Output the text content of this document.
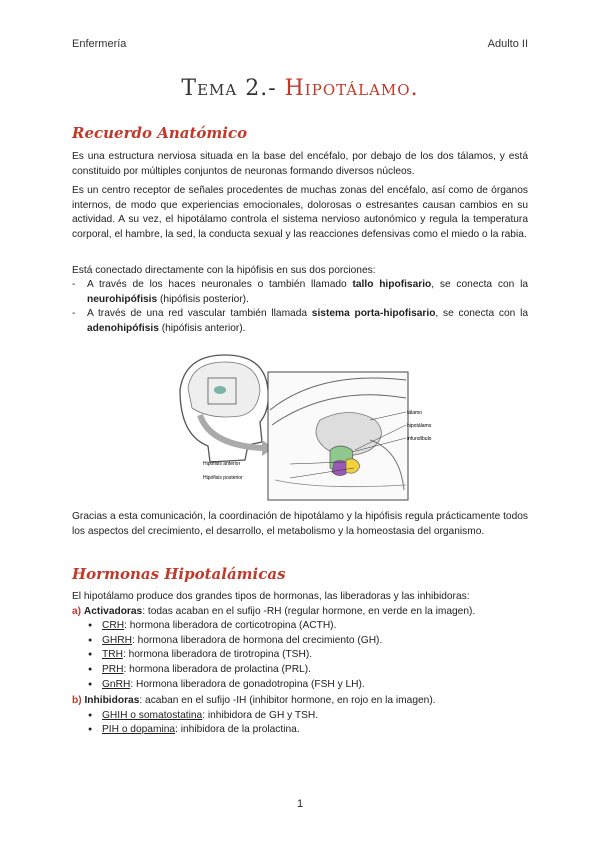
Enfermería	Adulto II
Tema 2.- Hipotálamo.
Recuerdo Anatómico
Es una estructura nerviosa situada en la base del encéfalo, por debajo de los dos tálamos, y está constituido por múltiples conjuntos de neuronas formando diversos núcleos.
Es un centro receptor de señales procedentes de muchas zonas del encéfalo, así como de órganos internos, de modo que experiencias emocionales, dolorosas o estresantes causan cambios en su actividad. A su vez, el hipotálamo controla el sistema nervioso autonómico y regula la temperatura corporal, el hambre, la sed, la conducta sexual y las reacciones defensivas como el miedo o la rabia.
Está conectado directamente con la hipófisis en sus dos porciones:
- A través de los haces neuronales o también llamado tallo hipofisario, se conecta con la neurohipófisis (hipófisis posterior).
- A través de una red vascular también llamada sistema porta-hipofisario, se conecta con la adenohipófisis (hipófisis anterior).
tálamo
hipotálamo
infundíbulo
Hipófisis anterior
Hipófisis posterior
Gracias a esta comunicación, la coordinación de hipotálamo y la hipófisis regula prácticamente todos los aspectos del crecimiento, el desarrollo, el metabolismo y la homeostasia del organismo.
Hormonas Hipotalámicas
El hipotálamo produce dos grandes tipos de hormonas, las liberadoras y las inhibidoras:
a) Activadoras: todas acaban en el sufijo -RH (regular hormone, en verde en la imagen).
● CRH: hormona liberadora de corticotropina (ACTH).
● GHRH: hormona liberadora de hormona del crecimiento (GH).
● TRH: hormona liberadora de tirotropina (TSH).
● PRH: hormona liberadora de prolactina (PRL).
● GnRH: Hormona liberadora de gonadotropina (FSH y LH).
b) Inhibidoras: acaban en el sufijo -IH (inhibitor hormone, en rojo en la imagen).
● GHIH o somatostatina: inhibidora de GH y TSH.
● PIH o dopamina: inhibidora de la prolactina.
1
